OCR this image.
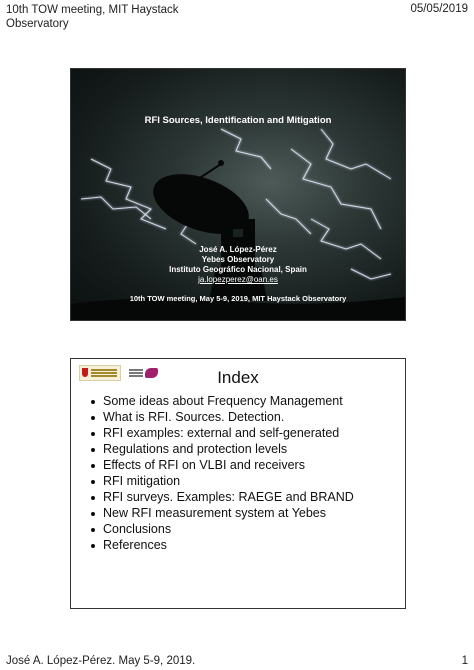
10th TOW meeting, MIT Haystack Observatory
05/05/2019
RFI Sources, Identification and Mitigation
José A. López-Pérez
Yebes Observatory
Instituto Geográfico Nacional, Spain
ja.lopezperez@oan.es
10th TOW meeting, May 5-9, 2019, MIT Haystack Observatory
Index
Some ideas about Frequency Management
What is RFI. Sources. Detection.
RFI examples: external and self-generated
Regulations and protection levels
Effects of RFI on VLBI and receivers
RFI mitigation
RFI surveys. Examples: RAEGE and BRAND
New RFI measurement system at Yebes
Conclusions
References
José A. López-Pérez. May 5-9, 2019.	1
